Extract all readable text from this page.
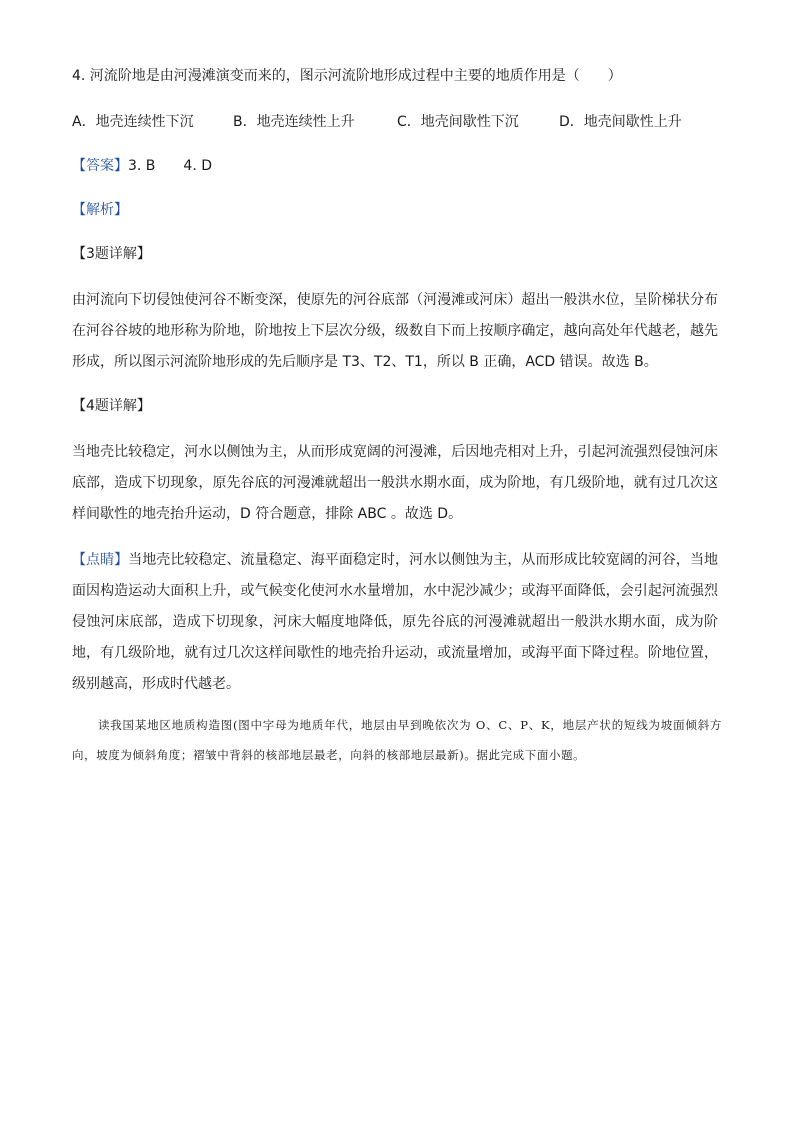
4. 河流阶地是由河漫滩演变而来的，图示河流阶地形成过程中主要的地质作用是（　　）
A．地壳连续性下沉	B．地壳连续性上升	C．地壳间歇性下沉	D．地壳间歇性上升
【答案】3. B　　4. D
【解析】
【3题详解】
由河流向下切侵蚀使河谷不断变深，使原先的河谷底部（河漫滩或河床）超出一般洪水位，呈阶梯状分布在河谷谷坡的地形称为阶地，阶地按上下层次分级，级数自下而上按顺序确定，越向高处年代越老，越先形成，所以图示河流阶地形成的先后顺序是 T3、T2、T1，所以 B 正确，ACD 错误。故选 B。
【4题详解】
当地壳比较稳定，河水以侧蚀为主，从而形成宽阔的河漫滩，后因地壳相对上升，引起河流强烈侵蚀河床底部，造成下切现象，原先谷底的河漫滩就超出一般洪水期水面，成为阶地，有几级阶地，就有过几次这样间歇性的地壳抬升运动，D 符合题意，排除 ABC 。故选 D。
【点睛】当地壳比较稳定、流量稳定、海平面稳定时，河水以侧蚀为主，从而形成比较宽阔的河谷，当地面因构造运动大面积上升，或气候变化使河水水量增加，水中泥沙减少；或海平面降低，会引起河流强烈侵蚀河床底部，造成下切现象，河床大幅度地降低，原先谷底的河漫滩就超出一般洪水期水面，成为阶地，有几级阶地，就有过几次这样间歇性的地壳抬升运动，或流量增加，或海平面下降过程。阶地位置，级别越高，形成时代越老。
读我国某地区地质构造图(图中字母为地质年代，地层由早到晚依次为 O、C、P、K，地层产状的短线为坡面倾斜方向，坡度为倾斜角度；褶皱中背斜的核部地层最老，向斜的核部地层最新)。据此完成下面小题。
